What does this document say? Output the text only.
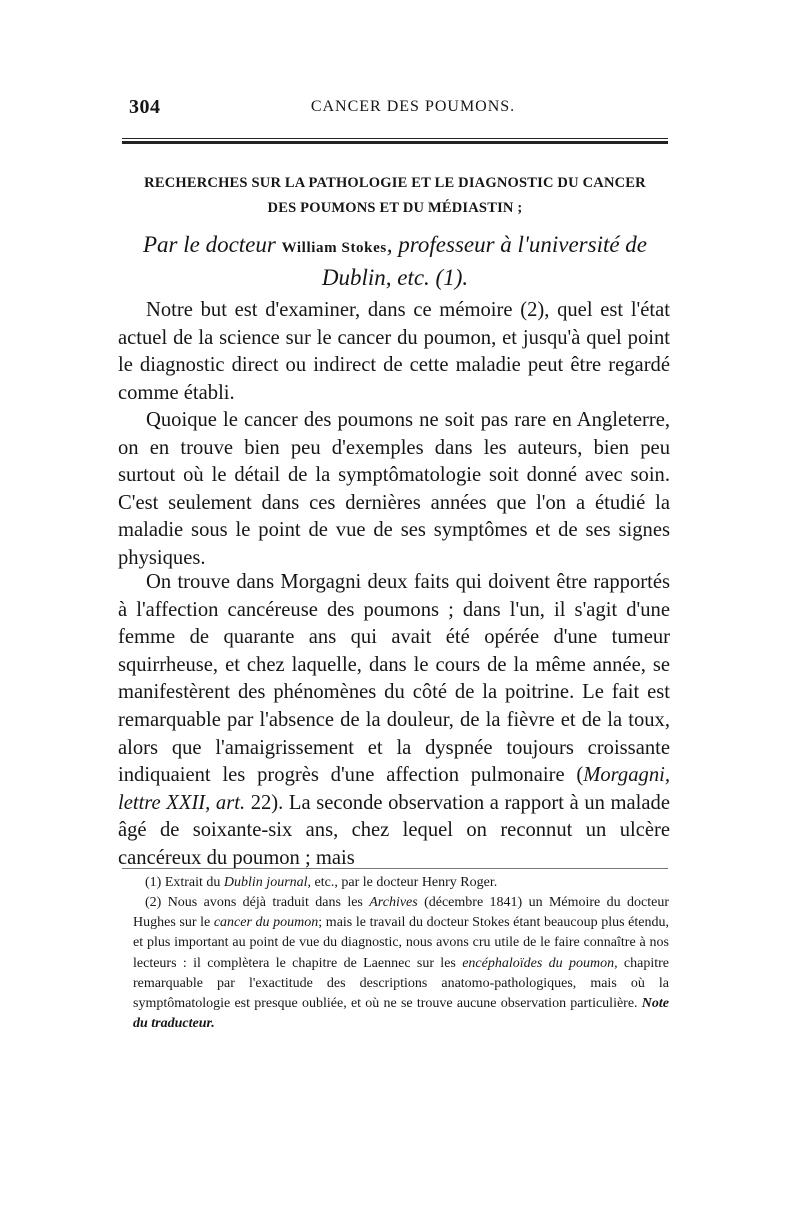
304	CANCER DES POUMONS.
RECHERCHES SUR LA PATHOLOGIE ET LE DIAGNOSTIC DU CANCER
DES POUMONS ET DU MÉDIASTIN ;
Par le docteur William Stokes, professeur à l'université de Dublin, etc. (1).

Notre but est d'examiner, dans ce mémoire (2), quel est l'état actuel de la science sur le cancer du poumon, et jusqu'à quel point le diagnostic direct ou indirect de cette maladie peut être regardé comme établi.

Quoique le cancer des poumons ne soit pas rare en Angleterre, on en trouve bien peu d'exemples dans les auteurs, bien peu surtout où le détail de la symptômatologie soit donné avec soin. C'est seulement dans ces dernières années que l'on a étudié la maladie sous le point de vue de ses symptômes et de ses signes physiques.

On trouve dans Morgagni deux faits qui doivent être rapportés à l'affection cancéreuse des poumons ; dans l'un, il s'agit d'une femme de quarante ans qui avait été opérée d'une tumeur squirrheuse, et chez laquelle, dans le cours de la même année, se manifestèrent des phénomènes du côté de la poitrine. Le fait est remarquable par l'absence de la douleur, de la fièvre et de la toux, alors que l'amaigrissement et la dyspnée toujours croissante indiquaient les progrès d'une affection pulmonaire (Morgagni, lettre XXII, art. 22). La seconde observation a rapport à un malade âgé de soixante-six ans, chez lequel on reconnut un ulcère cancéreux du poumon ; mais

(1) Extrait du Dublin journal, etc., par le docteur Henry Roger.

(2) Nous avons déjà traduit dans les Archives (décembre 1841) un Mémoire du docteur Hughes sur le cancer du poumon; mais le travail du docteur Stokes étant beaucoup plus étendu, et plus important au point de vue du diagnostic, nous avons cru utile de le faire connaître à nos lecteurs : il complètera le chapitre de Laennec sur les encéphaloïdes du poumon, chapitre remarquable par l'exactitude des descriptions anatomo-pathologiques, mais où la symptômatologie est presque oubliée, et où ne se trouve aucune observation particulière. Note du traducteur.
